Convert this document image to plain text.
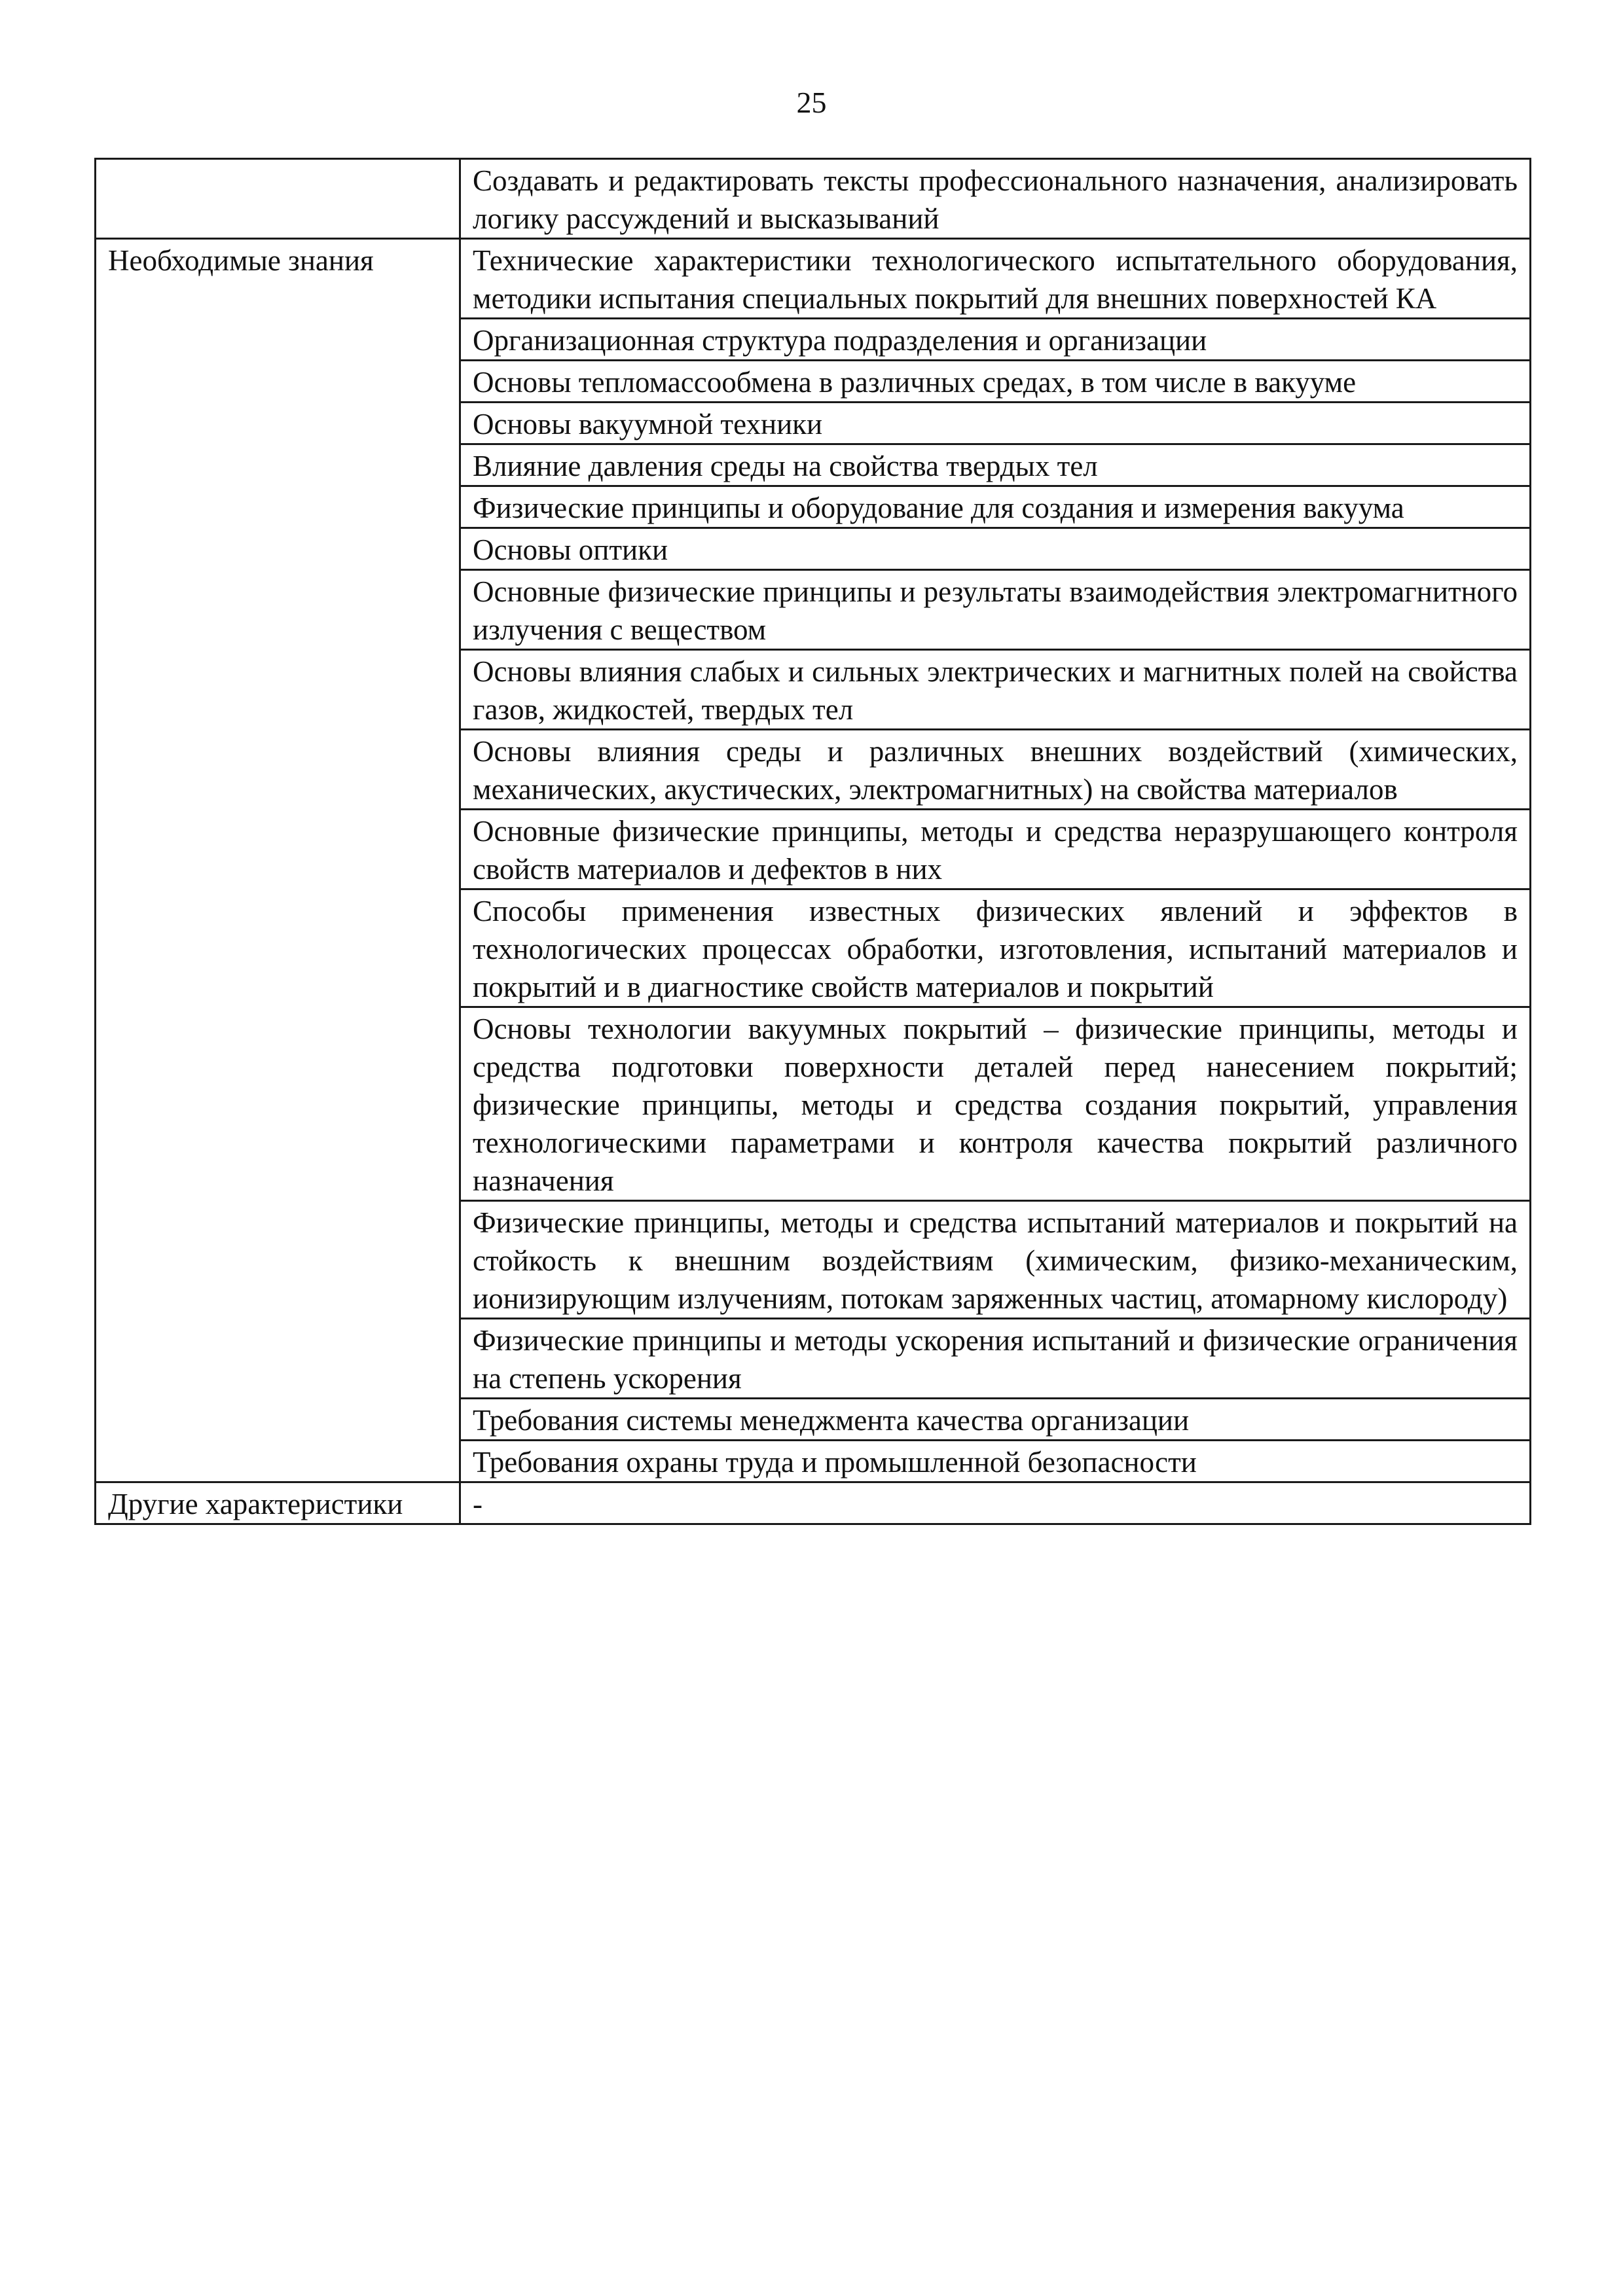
25
	Создавать и редактировать тексты профессионального назначения, анализировать логику рассуждений и высказываний
Необходимые знания	Технические характеристики технологического испытательного оборудования, методики испытания специальных покрытий для внешних поверхностей КА
	Организационная структура подразделения и организации
	Основы тепломассообмена в различных средах, в том числе в вакууме
	Основы вакуумной техники
	Влияние давления среды на свойства твердых тел
	Физические принципы и оборудование для создания и измерения вакуума
	Основы оптики
	Основные физические принципы и результаты взаимодействия электромагнитного излучения с веществом
	Основы влияния слабых и сильных электрических и магнитных полей на свойства газов, жидкостей, твердых тел
	Основы влияния среды и различных внешних воздействий (химических, механических, акустических, электромагнитных) на свойства материалов
	Основные физические принципы, методы и средства неразрушающего контроля свойств материалов и дефектов в них
	Способы применения известных физических явлений и эффектов в технологических процессах обработки, изготовления, испытаний материалов и покрытий и в диагностике свойств материалов и покрытий
	Основы технологии вакуумных покрытий – физические принципы, методы и средства подготовки поверхности деталей перед нанесением покрытий; физические принципы, методы и средства создания покрытий, управления технологическими параметрами и контроля качества покрытий различного назначения
	Физические принципы, методы и средства испытаний материалов и покрытий на стойкость к внешним воздействиям (химическим, физико-механическим, ионизирующим излучениям, потокам заряженных частиц, атомарному кислороду)
	Физические принципы и методы ускорения испытаний и физические ограничения на степень ускорения
	Требования системы менеджмента качества организации
	Требования охраны труда и промышленной безопасности
Другие характеристики	-
